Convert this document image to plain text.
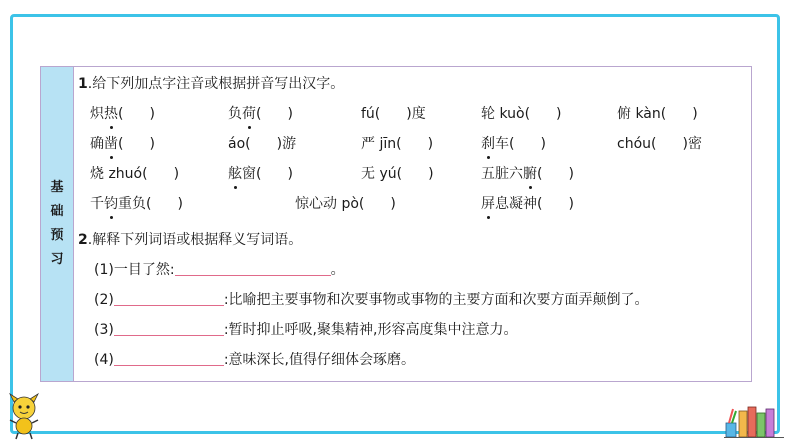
基
础
预
习
1.给下列加点字注音或根据拼音写出汉字。
炽热( )	负荷( )	fú( )度	轮 kuò( )	俯 kàn( )
确凿( )	áo( )游	严 jīn( )	刹车( )	chóu( )密
烧 zhuó( )	舷窗( )	无 yú( )	五脏六腑( )
千钧重负( )	惊心动 pò( )	屏息凝神( )
2.解释下列词语或根据释义写词语。
(1)一目了然:	。
(2)	:比喻把主要事物和次要事物或事物的主要方面和次要方面弄颠倒了。
(3)	:暂时抑止呼吸,聚集精神,形容高度集中注意力。
(4)	:意味深长,值得仔细体会琢磨。
